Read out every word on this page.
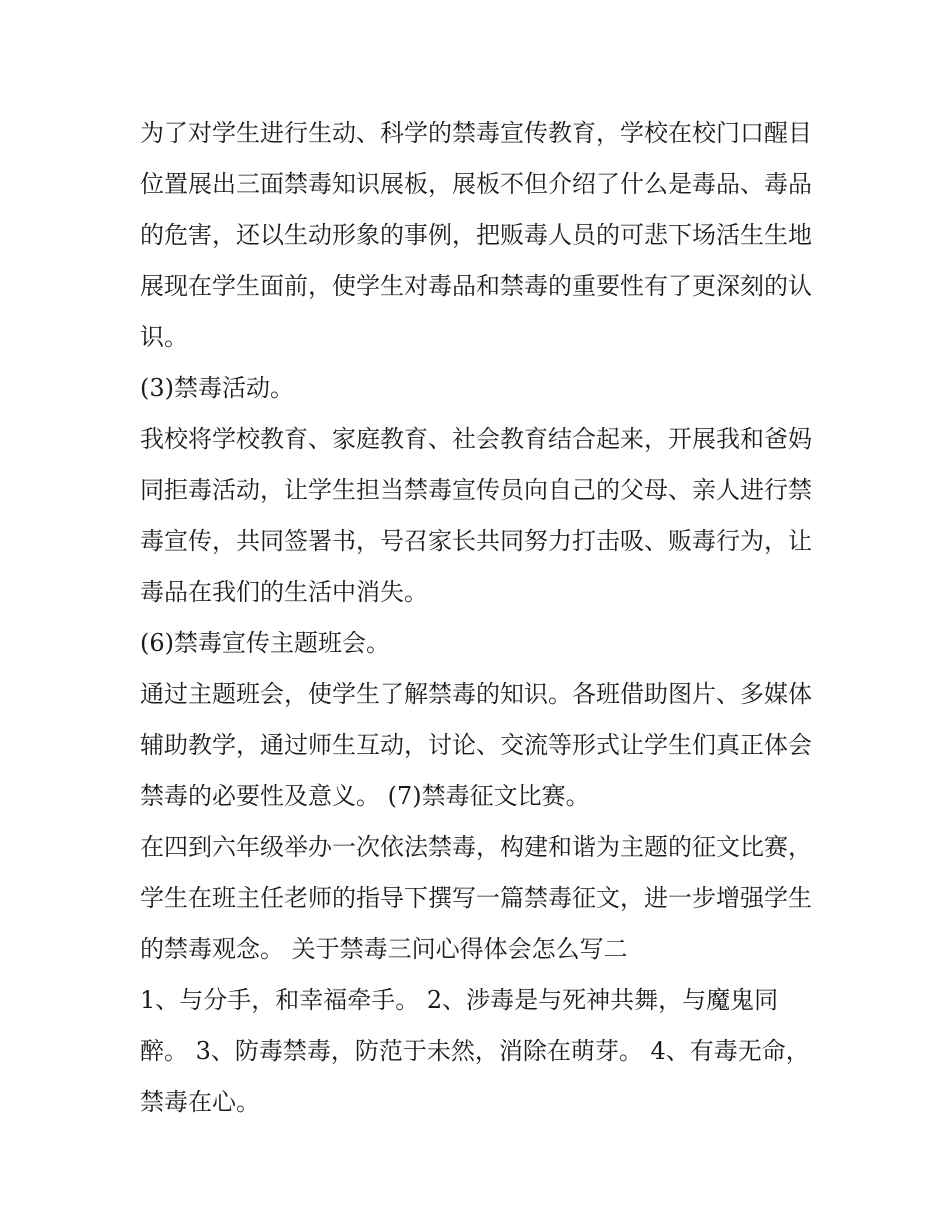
为了对学生进行生动、科学的禁毒宣传教育，学校在校门口醒目位置展出三面禁毒知识展板，展板不但介绍了什么是毒品、毒品的危害，还以生动形象的事例，把贩毒人员的可悲下场活生生地展现在学生面前，使学生对毒品和禁毒的重要性有了更深刻的认识。

(3)禁毒活动。

我校将学校教育、家庭教育、社会教育结合起来，开展我和爸妈同拒毒活动，让学生担当禁毒宣传员向自己的父母、亲人进行禁毒宣传，共同签署书，号召家长共同努力打击吸、贩毒行为，让毒品在我们的生活中消失。

(6)禁毒宣传主题班会。

通过主题班会，使学生了解禁毒的知识。各班借助图片、多媒体辅助教学，通过师生互动，讨论、交流等形式让学生们真正体会禁毒的必要性及意义。 (7)禁毒征文比赛。

在四到六年级举办一次依法禁毒，构建和谐为主题的征文比赛，学生在班主任老师的指导下撰写一篇禁毒征文，进一步增强学生的禁毒观念。 关于禁毒三问心得体会怎么写二

1、与分手，和幸福牵手。 2、涉毒是与死神共舞，与魔鬼同醉。 3、防毒禁毒，防范于未然，消除在萌芽。 4、有毒无命，禁毒在心。
